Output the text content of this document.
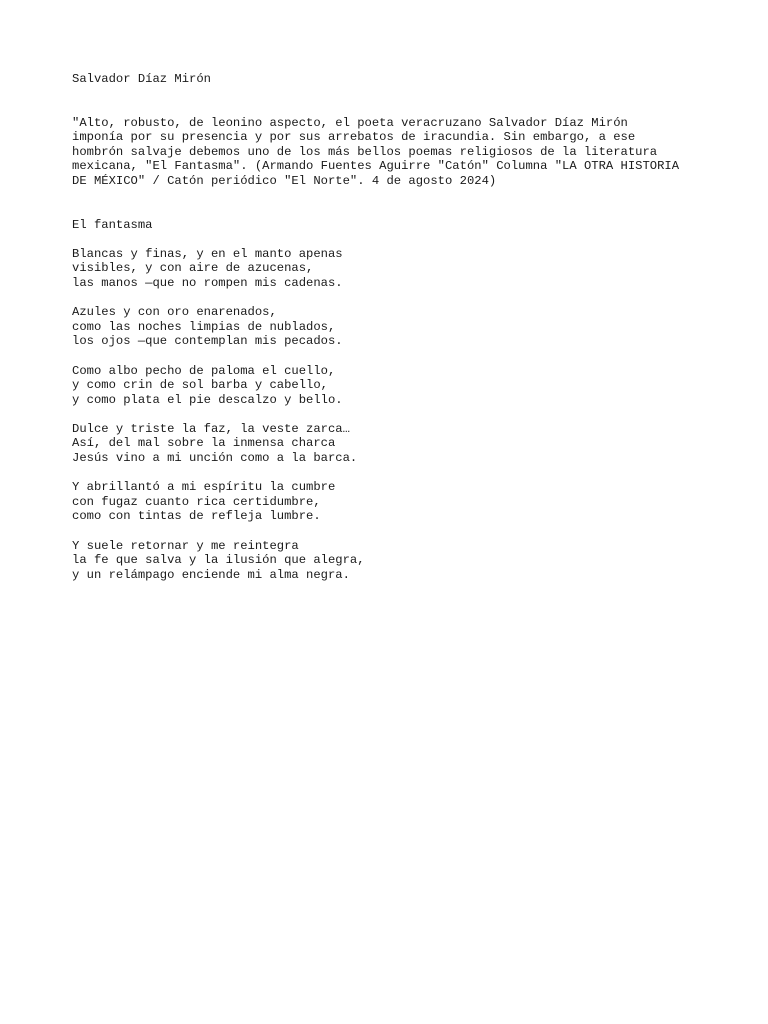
Salvador Díaz Mirón
"Alto, robusto, de leonino aspecto, el poeta veracruzano Salvador Díaz Mirón
imponía por su presencia y por sus arrebatos de iracundia. Sin embargo, a ese
hombrón salvaje debemos uno de los más bellos poemas religiosos de la literatura
mexicana, "El Fantasma". (Armando Fuentes Aguirre "Catón" Columna "LA OTRA HISTORIA
DE MÉXICO" / Catón periódico "El Norte". 4 de agosto 2024)
El fantasma
Blancas y finas, y en el manto apenas
visibles, y con aire de azucenas,
las manos —que no rompen mis cadenas.
Azules y con oro enarenados,
como las noches limpias de nublados,
los ojos —que contemplan mis pecados.
Como albo pecho de paloma el cuello,
y como crin de sol barba y cabello,
y como plata el pie descalzo y bello.
Dulce y triste la faz, la veste zarca…
Así, del mal sobre la inmensa charca
Jesús vino a mi unción como a la barca.
Y abrillantó a mi espíritu la cumbre
con fugaz cuanto rica certidumbre,
como con tintas de refleja lumbre.
Y suele retornar y me reintegra
la fe que salva y la ilusión que alegra,
y un relámpago enciende mi alma negra.
